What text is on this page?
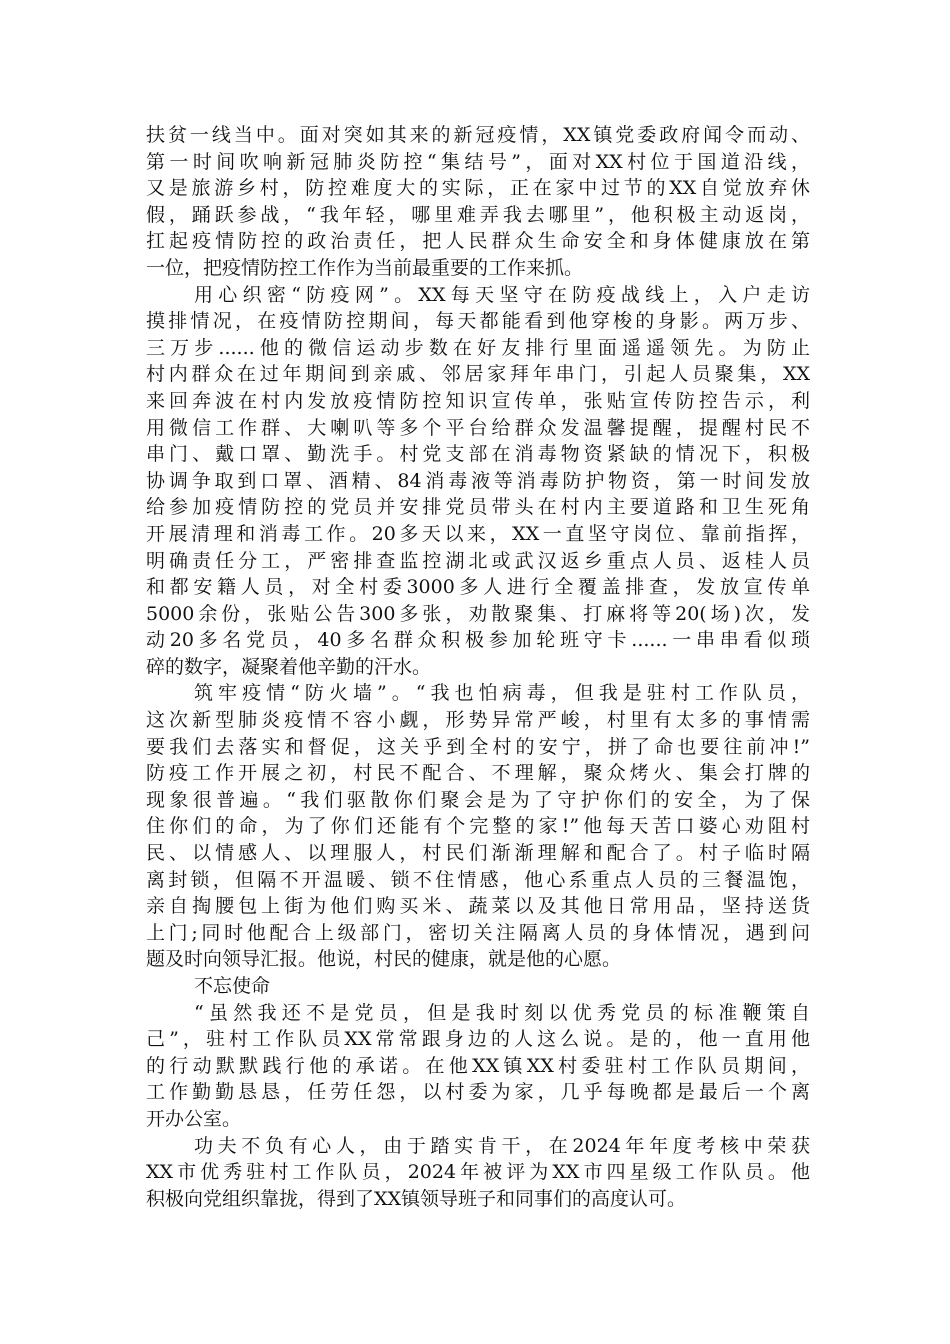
扶贫一线当中。面对突如其来的新冠疫情，XX镇党委政府闻令而动、
第一时间吹响新冠肺炎防控“集结号”，面对XX村位于国道沿线，
又是旅游乡村，防控难度大的实际，正在家中过节的XX自觉放弃休
假，踊跃参战，“我年轻，哪里难弄我去哪里”，他积极主动返岗，
扛起疫情防控的政治责任，把人民群众生命安全和身体健康放在第
一位，把疫情防控工作作为当前最重要的工作来抓。
用心织密“防疫网”。XX每天坚守在防疫战线上，入户走访
摸排情况，在疫情防控期间，每天都能看到他穿梭的身影。两万步、
三万步......他的微信运动步数在好友排行里面遥遥领先。为防止
村内群众在过年期间到亲戚、邻居家拜年串门，引起人员聚集，XX
来回奔波在村内发放疫情防控知识宣传单，张贴宣传防控告示，利
用微信工作群、大喇叭等多个平台给群众发温馨提醒，提醒村民不
串门、戴口罩、勤洗手。村党支部在消毒物资紧缺的情况下，积极
协调争取到口罩、酒精、84消毒液等消毒防护物资，第一时间发放
给参加疫情防控的党员并安排党员带头在村内主要道路和卫生死角
开展清理和消毒工作。20多天以来，XX一直坚守岗位、靠前指挥，
明确责任分工，严密排查监控湖北或武汉返乡重点人员、返桂人员
和都安籍人员，对全村委3000多人进行全覆盖排查，发放宣传单
5000余份，张贴公告300多张，劝散聚集、打麻将等20(场)次，发
动20多名党员，40多名群众积极参加轮班守卡......一串串看似琐
碎的数字，凝聚着他辛勤的汗水。
筑牢疫情“防火墙”。“我也怕病毒，但我是驻村工作队员，
这次新型肺炎疫情不容小觑，形势异常严峻，村里有太多的事情需
要我们去落实和督促，这关乎到全村的安宁，拼了命也要往前冲!”
防疫工作开展之初，村民不配合、不理解，聚众烤火、集会打牌的
现象很普遍。“我们驱散你们聚会是为了守护你们的安全，为了保
住你们的命，为了你们还能有个完整的家!”他每天苦口婆心劝阻村
民、以情感人、以理服人，村民们渐渐理解和配合了。村子临时隔
离封锁，但隔不开温暖、锁不住情感，他心系重点人员的三餐温饱，
亲自掏腰包上街为他们购买米、蔬菜以及其他日常用品，坚持送货
上门;同时他配合上级部门，密切关注隔离人员的身体情况，遇到问
题及时向领导汇报。他说，村民的健康，就是他的心愿。
不忘使命
“虽然我还不是党员，但是我时刻以优秀党员的标准鞭策自
己”，驻村工作队员XX常常跟身边的人这么说。是的，他一直用他
的行动默默践行他的承诺。在他XX镇XX村委驻村工作队员期间，
工作勤勤恳恳，任劳任怨，以村委为家，几乎每晚都是最后一个离
开办公室。
功夫不负有心人，由于踏实肯干，在2024年年度考核中荣获
XX市优秀驻村工作队员，2024年被评为XX市四星级工作队员。他
积极向党组织靠拢，得到了XX镇领导班子和同事们的高度认可。
